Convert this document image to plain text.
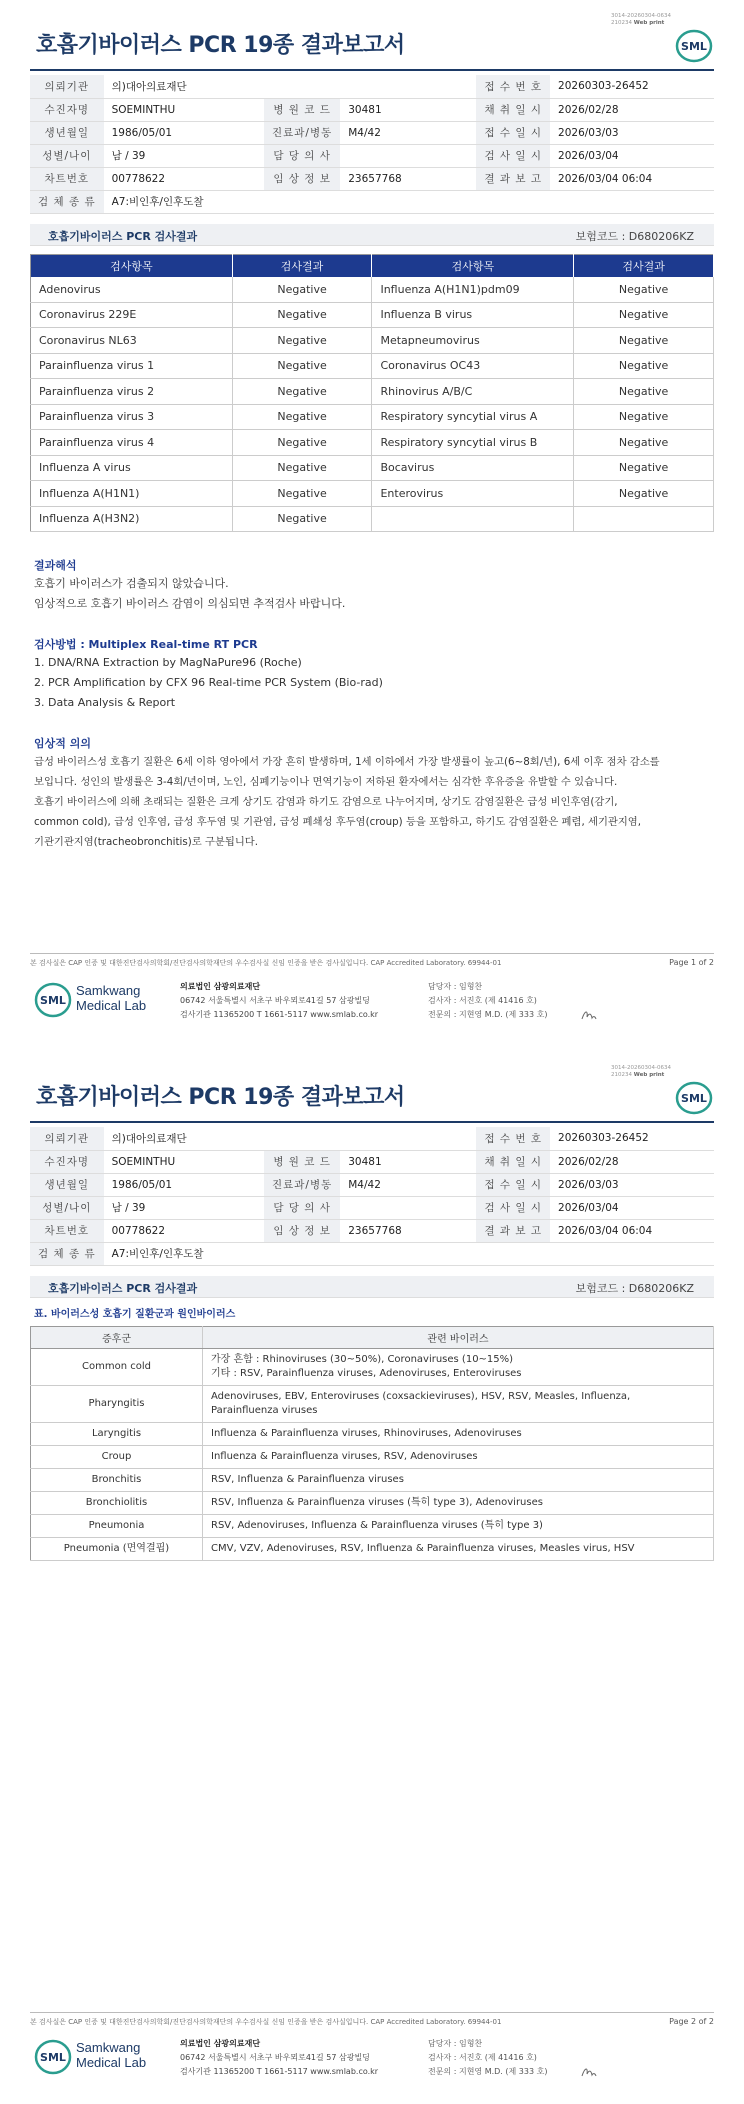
3014-20260304-0634
210234 Web print
호흡기바이러스 PCR 19종 결과보고서	SML
의뢰기관	의)대아의료재단			접 수 번 호	20260303-26452
수진자명	SOEMINTHU	병 원 코 드	30481	채 취 일 시	2026/02/28
생년월일	1986/05/01	진료과/병동	M4/42	접 수 일 시	2026/03/03
성별/나이	남 / 39	담 당 의 사		검 사 일 시	2026/03/04
차트번호	00778622	임 상 정 보	23657768	결 과 보 고	2026/03/04 06:04
검 체 종 류	A7:비인후/인후도찰				
호흡기바이러스 PCR 검사결과	보험코드 : D680206KZ
검사항목	검사결과	검사항목	검사결과
Adenovirus	Negative	Influenza A(H1N1)pdm09	Negative
Coronavirus 229E	Negative	Influenza B virus	Negative
Coronavirus NL63	Negative	Metapneumovirus	Negative
Parainfluenza virus 1	Negative	Coronavirus OC43	Negative
Parainfluenza virus 2	Negative	Rhinovirus A/B/C	Negative
Parainfluenza virus 3	Negative	Respiratory syncytial virus A	Negative
Parainfluenza virus 4	Negative	Respiratory syncytial virus B	Negative
Influenza A virus	Negative	Bocavirus	Negative
Influenza A(H1N1)	Negative	Enterovirus	Negative
Influenza A(H3N2)	Negative		
결과해석
호흡기 바이러스가 검출되지 않았습니다.
임상적으로 호흡기 바이러스 감염이 의심되면 추적검사 바랍니다.
검사방법 : Multiplex Real-time RT PCR
1. DNA/RNA Extraction by MagNaPure96 (Roche)
2. PCR Amplification by CFX 96 Real-time PCR System (Bio-rad)
3. Data Analysis & Report
임상적 의의
급성 바이러스성 호흡기 질환은 6세 이하 영아에서 가장 흔히 발생하며, 1세 이하에서 가장 발생률이 높고(6~8회/년), 6세 이후 점차 감소를
보입니다. 성인의 발생률은 3-4회/년이며, 노인, 심폐기능이나 면역기능이 저하된 환자에서는 심각한 후유증을 유발할 수 있습니다.
호흡기 바이러스에 의해 초래되는 질환은 크게 상기도 감염과 하기도 감염으로 나누어지며, 상기도 감염질환은 급성 비인후염(감기,
common cold), 급성 인후염, 급성 후두염 및 기관염, 급성 폐쇄성 후두염(croup) 등을 포함하고, 하기도 감염질환은 폐렴, 세기관지염,
기관기관지염(tracheobronchitis)로 구분됩니다.
본 검사실은 CAP 인증 및 대한진단검사의학회/진단검사의학재단의 우수검사실 신임 인증을 받은 검사실입니다. CAP Accredited Laboratory. 69944-01	Page 1 of 2
SML
Samkwang
Medical Lab
의료법인 삼광의료재단
06742 서울특별시 서초구 바우뫼로41길 57 삼광빌딩
검사기관 11365200 T 1661-5117 www.smlab.co.kr
담당자 : 임형찬
검사자 : 서진호 (제 41416 호)
전문의 : 지현영 M.D. (제 333 호)
3014-20260304-0634
210234 Web print
호흡기바이러스 PCR 19종 결과보고서	SML
의뢰기관	의)대아의료재단			접 수 번 호	20260303-26452
수진자명	SOEMINTHU	병 원 코 드	30481	채 취 일 시	2026/02/28
생년월일	1986/05/01	진료과/병동	M4/42	접 수 일 시	2026/03/03
성별/나이	남 / 39	담 당 의 사		검 사 일 시	2026/03/04
차트번호	00778622	임 상 정 보	23657768	결 과 보 고	2026/03/04 06:04
검 체 종 류	A7:비인후/인후도찰				
호흡기바이러스 PCR 검사결과	보험코드 : D680206KZ
표. 바이러스성 호흡기 질환군과 원인바이러스
본 검사실은 CAP 인증 및 대한진단검사의학회/진단검사의학재단의 우수검사실 신임 인증을 받은 검사실입니다. CAP Accredited Laboratory. 69944-01	Page 2 of 2
SML
Samkwang
Medical Lab
의료법인 삼광의료재단
06742 서울특별시 서초구 바우뫼로41길 57 삼광빌딩
검사기관 11365200 T 1661-5117 www.smlab.co.kr
담당자 : 임형찬
검사자 : 서진호 (제 41416 호)
전문의 : 지현영 M.D. (제 333 호)
증후군	관련 바이러스
Common cold	가장 흔함 : Rhinoviruses (30~50%), Coronaviruses (10~15%)
기타 : RSV, Parainfluenza viruses, Adenoviruses, Enteroviruses
Pharyngitis	Adenoviruses, EBV, Enteroviruses (coxsackieviruses), HSV, RSV, Measles, Influenza,
Parainfluenza viruses
Laryngitis	Influenza & Parainfluenza viruses, Rhinoviruses, Adenoviruses
Croup	Influenza & Parainfluenza viruses, RSV, Adenoviruses
Bronchitis	RSV, Influenza & Parainfluenza viruses
Bronchiolitis	RSV, Influenza & Parainfluenza viruses (특히 type 3), Adenoviruses
Pneumonia	RSV, Adenoviruses, Influenza & Parainfluenza viruses (특히 type 3)
Pneumonia (면역결핍)	CMV, VZV, Adenoviruses, RSV, Influenza & Parainfluenza viruses, Measles virus, HSV
